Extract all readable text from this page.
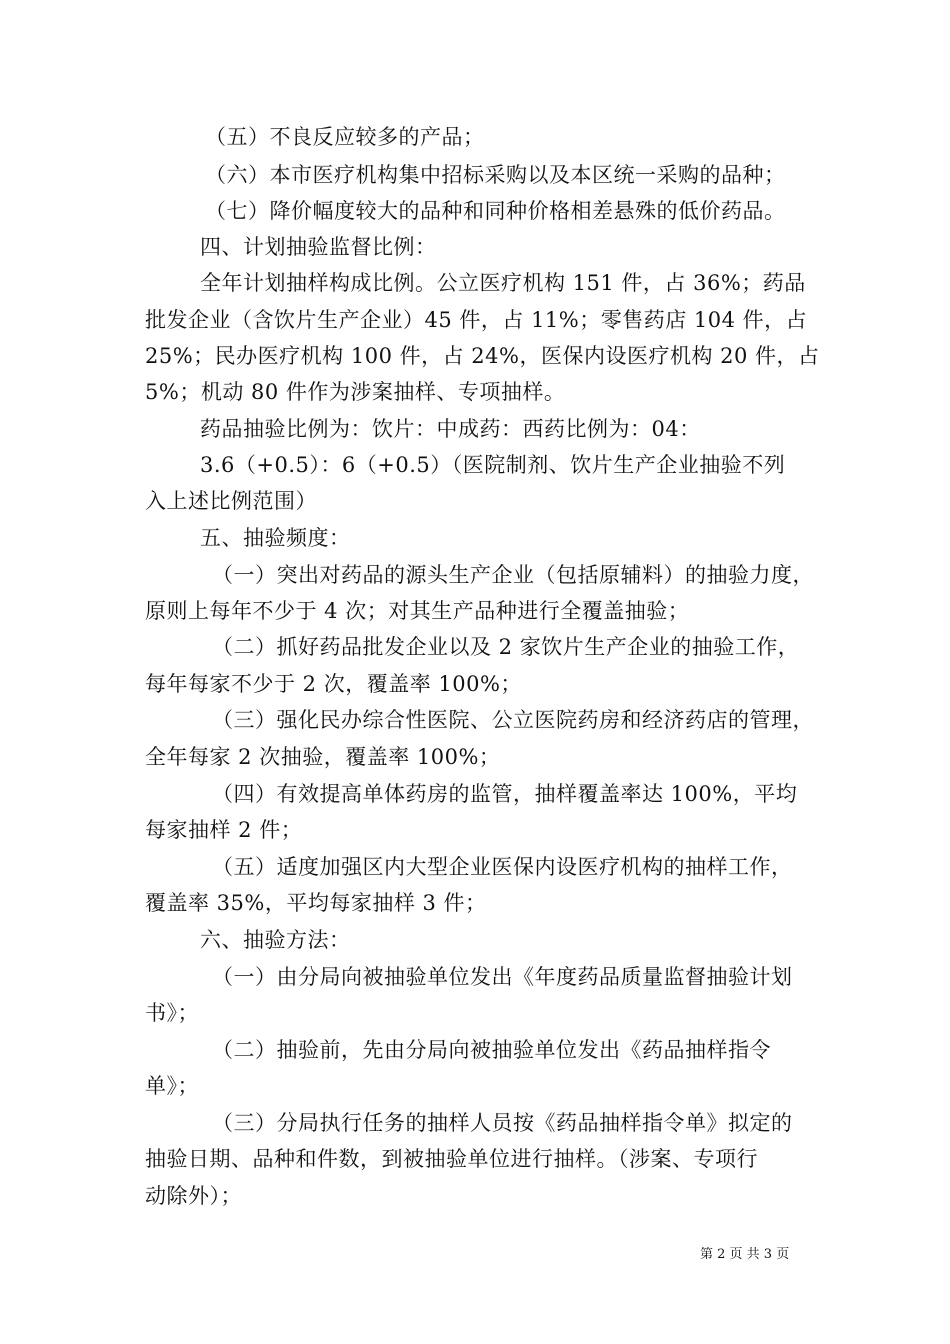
（五）不良反应较多的产品；
（六）本市医疗机构集中招标采购以及本区统一采购的品种；
（七）降价幅度较大的品种和同种价格相差悬殊的低价药品。
四、计划抽验监督比例：
全年计划抽样构成比例。公立医疗机构 151 件，占 36%；药品
批发企业（含饮片生产企业）45 件，占 11%；零售药店 104 件，占
25%；民办医疗机构 100 件，占 24%，医保内设医疗机构 20 件，占
5%；机动 80 件作为涉案抽样、专项抽样。
药品抽验比例为：饮片：中成药：西药比例为：04：
3.6（+0.5）：6（+0.5）（医院制剂、饮片生产企业抽验不列
入上述比例范围）
五、抽验频度：
（一）突出对药品的源头生产企业（包括原辅料）的抽验力度，
原则上每年不少于 4 次；对其生产品种进行全覆盖抽验；
（二）抓好药品批发企业以及 2 家饮片生产企业的抽验工作，
每年每家不少于 2 次，覆盖率 100%；
（三）强化民办综合性医院、公立医院药房和经济药店的管理，
全年每家 2 次抽验，覆盖率 100%；
（四）有效提高单体药房的监管，抽样覆盖率达 100%，平均
每家抽样 2 件；
（五）适度加强区内大型企业医保内设医疗机构的抽样工作，
覆盖率 35%，平均每家抽样 3 件；
六、抽验方法：
（一）由分局向被抽验单位发出《年度药品质量监督抽验计划
书》；
（二）抽验前，先由分局向被抽验单位发出《药品抽样指令
单》；
（三）分局执行任务的抽样人员按《药品抽样指令单》拟定的
抽验日期、品种和件数，到被抽验单位进行抽样。（涉案、专项行
动除外）；
第 2 页 共 3 页
